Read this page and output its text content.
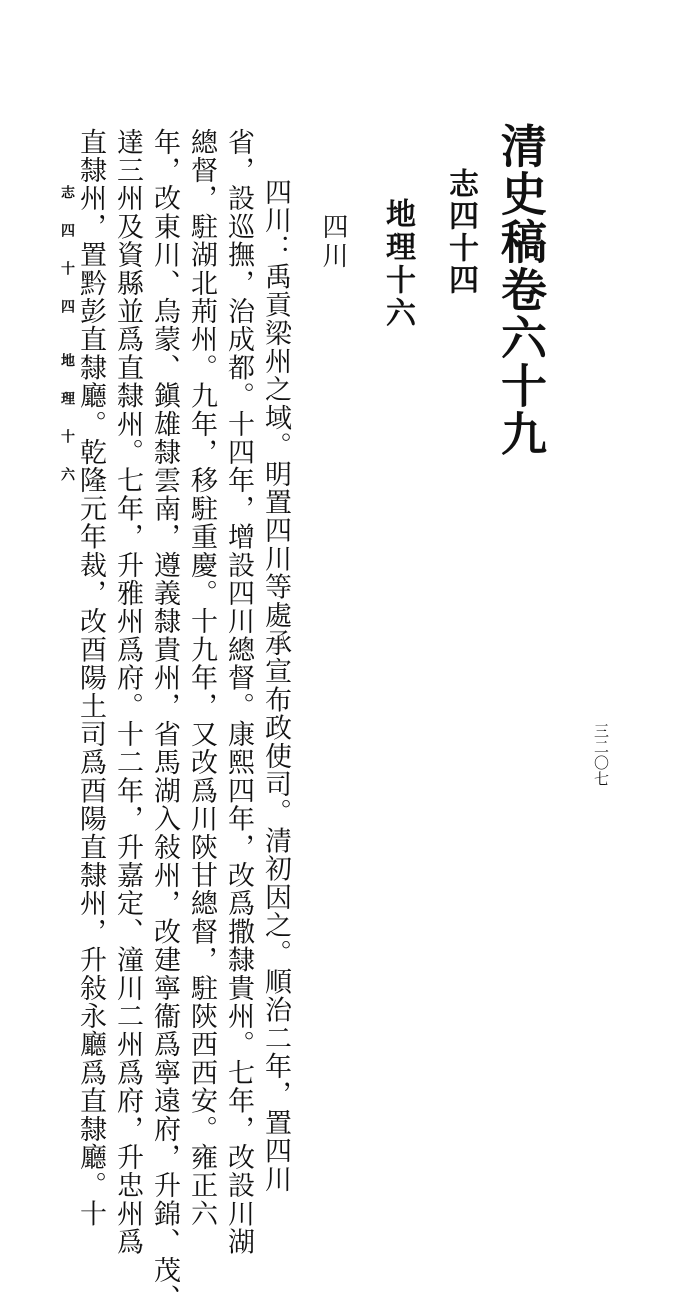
清史稿卷六十九
志四十四
地理十六
四川
四川：禹貢梁州之域。明置四川等處承宣布政使司。清初因之。順治二年，置四川
省，設巡撫，治成都。十四年，增設四川總督。康熙四年，改爲撒隸貴州。七年，改設川湖
總督，駐湖北荊州。九年，移駐重慶。十九年，又改爲川陝甘總督，駐陝西西安。雍正六
年，改東川、烏蒙、鎭雄隸雲南，遵義隸貴州，省馬湖入敍州，改建寧衞爲寧遠府，升錦、茂、
達三州及資縣並爲直隸州。七年，升雅州爲府。十二年，升嘉定、潼川二州爲府，升忠州爲
直隸州，置黔彭直隸廳。乾隆元年裁，改酉陽土司爲酉陽直隸州，升敍永廳爲直隸廳。十
志 四 十 四　　地 理 十 六
三二〇七
